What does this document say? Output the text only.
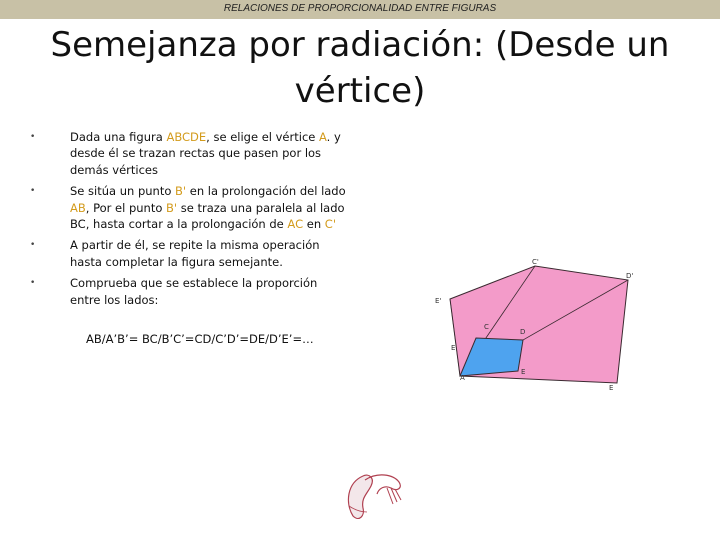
RELACIONES DE PROPORCIONALIDAD ENTRE FIGURAS
Semejanza por radiación: (Desde un
vértice)
•	Dada una figura ABCDE, se elige el vértice A. y desde él se trazan rectas que pasen por los demás vértices
•	Se sitúa un punto B' en la prolongación del lado AB, Por el punto B' se traza una paralela al lado BC, hasta cortar a la prolongación de AC en C'
•	A partir de él, se repite la misma operación hasta completar la figura semejante.
•	Comprueba que se establece la proporción entre los lados:
AB/A’B’= BC/B’C’=CD/C’D’=DE/D’E’=…
C'
D'
E'
C
D
E
A
E
E
